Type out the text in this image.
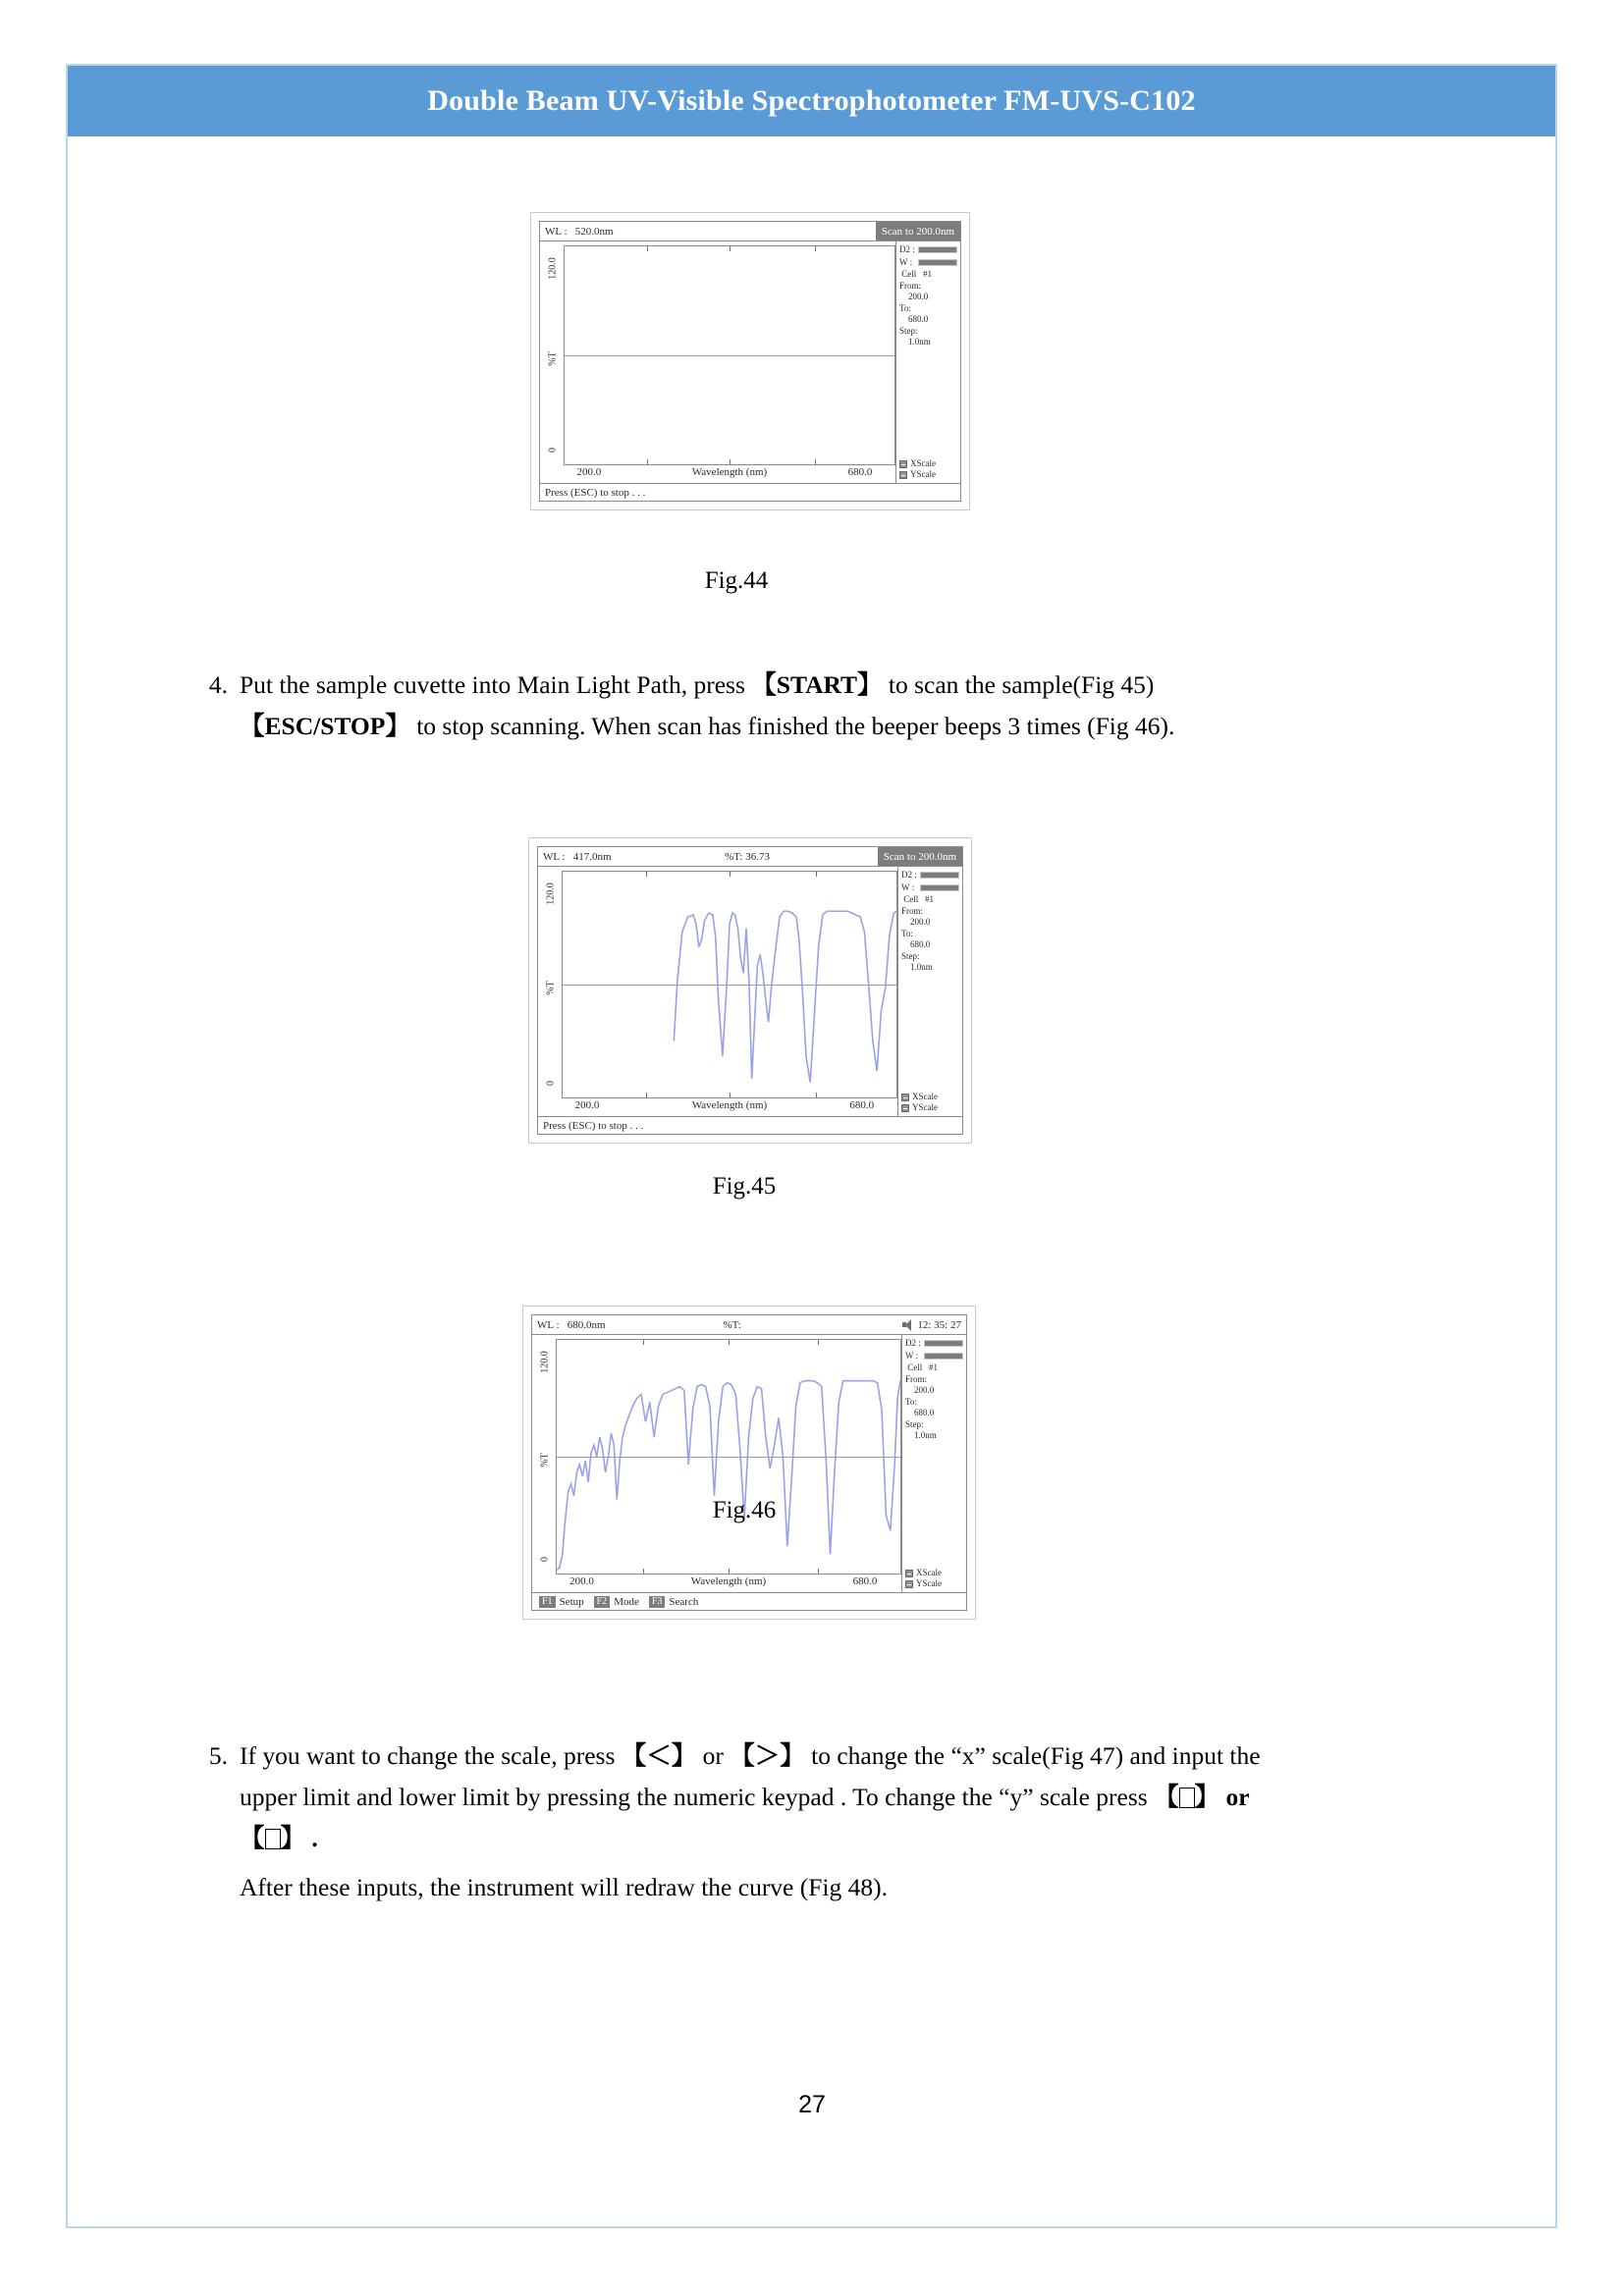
Double Beam UV-Visible Spectrophotometer FM-UVS-C102
WL : 520.0nm	Scan to 200.0nm
120.0
%T
0
200.0	Wavelength (nm)	680.0
D2 :
W :
Cell #1
From:
200.0
To:
680.0
Step:
1.0nm
XScale
YScale
Press (ESC) to stop . . .
Fig.44
4. Put the sample cuvette into Main Light Path, press 【START】 to scan the sample(Fig 45) 【ESC/STOP】 to stop scanning. When scan has finished the beeper beeps 3 times (Fig 46).
WL : 417.0nm	%T: 36.73	Scan to 200.0nm
120.0
%T
0
200.0	Wavelength (nm)	680.0
D2 :
W :
Cell #1
From:
200.0
To:
680.0
Step:
1.0nm
XScale
YScale
Press (ESC) to stop . . .
Fig.45
WL : 680.0nm	%T:	12: 35: 27
120.0
%T
0
200.0	Wavelength (nm)	680.0
D2 :
W :
Cell #1
From:
200.0
To:
680.0
Step:
1.0nm
XScale
YScale
F1 Setup	F2 Mode	F3 Search
Fig.46
5. If you want to change the scale, press 【＜】 or 【＞】 to change the “x” scale(Fig 47) and input the upper limit and lower limit by pressing the numeric keypad . To change the “y” scale press 【 】 or 【 】 .
After these inputs, the instrument will redraw the curve (Fig 48).
27
